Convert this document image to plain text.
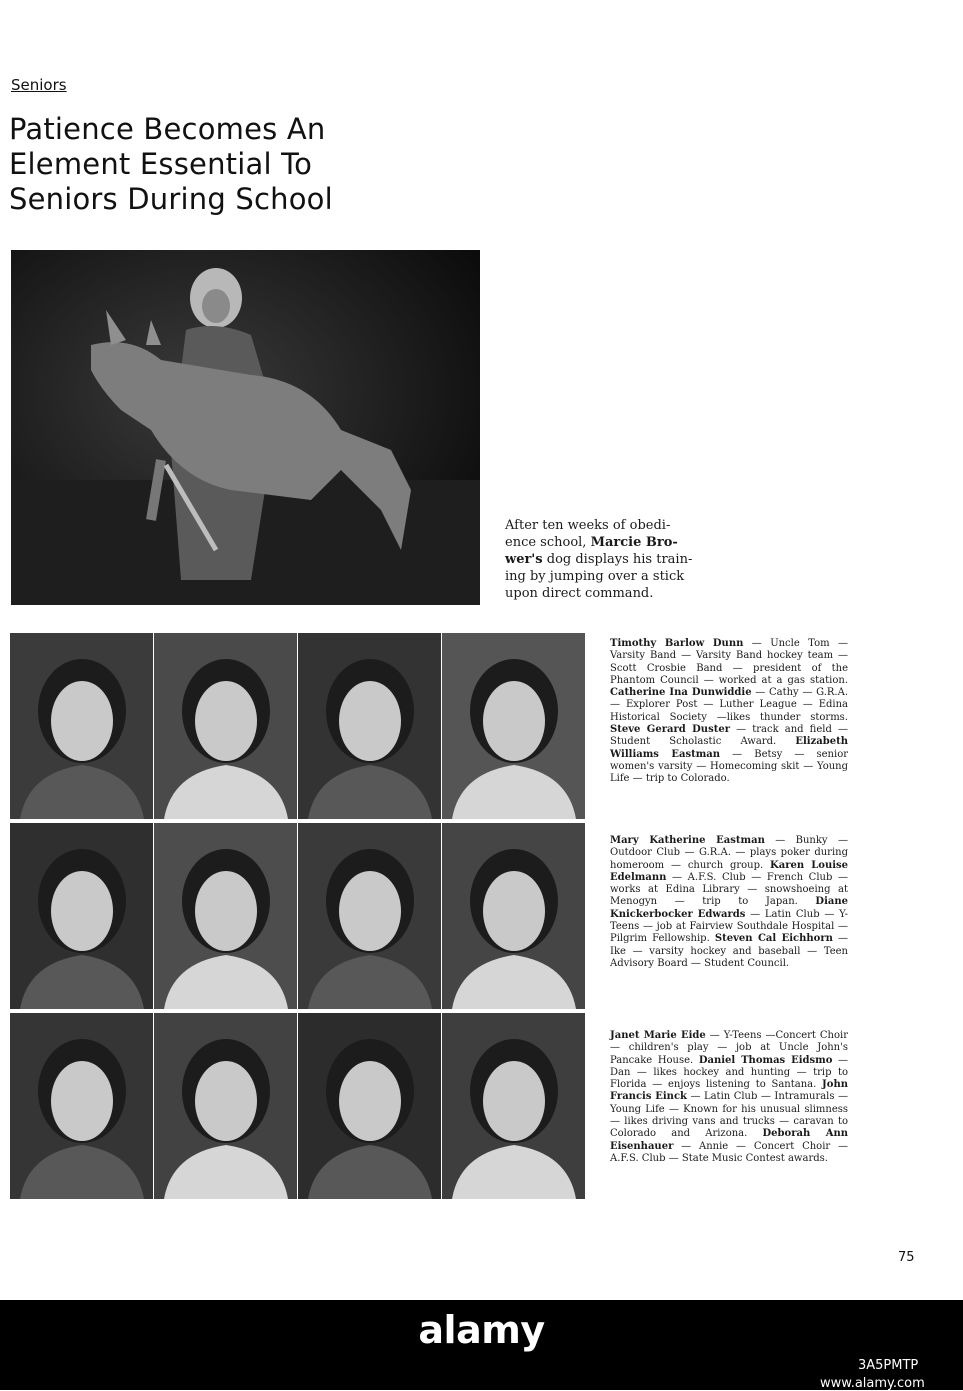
Seniors
Patience Becomes An
Element Essential To
Seniors During School
After ten weeks of obedi-
ence school, Marcie Bro-
wer's dog displays his train-
ing by jumping over a stick
upon direct command.
Timothy Barlow Dunn — Uncle Tom — Varsity Band — Varsity Band hockey team — Scott Crosbie Band — president of the Phantom Council — worked at a gas station. Catherine Ina Dunwiddie — Cathy — G.R.A. — Explorer Post — Luther League — Edina Historical Society —likes thunder storms. Steve Gerard Duster — track and field — Student Scholastic Award. Elizabeth Williams Eastman — Betsy — senior women's varsity — Homecoming skit — Young Life — trip to Colorado.
Mary Katherine Eastman — Bunky — Outdoor Club — G.R.A. — plays poker during homeroom — church group. Karen Louise Edelmann — A.F.S. Club — French Club — works at Edina Library — snowshoeing at Menogyn — trip to Japan. Diane Knickerbocker Edwards — Latin Club — Y-Teens — job at Fairview Southdale Hospital — Pilgrim Fellowship. Steven Cal Eichhorn — Ike — varsity hockey and baseball — Teen Advisory Board — Student Council.
Janet Marie Eide — Y-Teens —Concert Choir — children's play — job at Uncle John's Pancake House. Daniel Thomas Eidsmo — Dan — likes hockey and hunting — trip to Florida — enjoys listening to Santana. John Francis Einck — Latin Club — Intramurals — Young Life — Known for his unusual slimness — likes driving vans and trucks — caravan to Colorado and Arizona. Deborah Ann Eisenhauer — Annie — Concert Choir — A.F.S. Club — State Music Contest awards.
75
alamy
3A5PMTP
www.alamy.com
